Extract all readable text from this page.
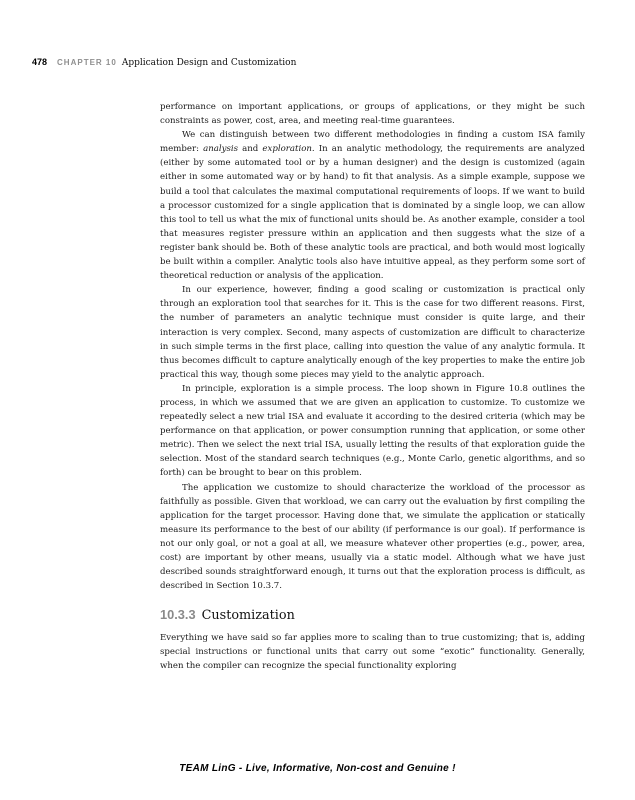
478 CHAPTER 10 Application Design and Customization

performance on important applications, or groups of applications, or they might be such constraints as power, cost, area, and meeting real-time guarantees.

We can distinguish between two different methodologies in finding a custom ISA family member: analysis and exploration. In an analytic methodology, the requirements are analyzed (either by some automated tool or by a human designer) and the design is customized (again either in some automated way or by hand) to fit that analysis. As a simple example, suppose we build a tool that calculates the maximal computational requirements of loops. If we want to build a processor customized for a single application that is dominated by a single loop, we can allow this tool to tell us what the mix of functional units should be. As another example, consider a tool that measures register pressure within an application and then suggests what the size of a register bank should be. Both of these analytic tools are practical, and both would most logically be built within a compiler. Analytic tools also have intuitive appeal, as they perform some sort of theoretical reduction or analysis of the application.

In our experience, however, finding a good scaling or customization is practical only through an exploration tool that searches for it. This is the case for two different reasons. First, the number of parameters an analytic technique must consider is quite large, and their interaction is very complex. Second, many aspects of customization are difficult to characterize in such simple terms in the first place, calling into question the value of any analytic formula. It thus becomes difficult to capture analytically enough of the key properties to make the entire job practical this way, though some pieces may yield to the analytic approach.

In principle, exploration is a simple process. The loop shown in Figure 10.8 outlines the process, in which we assumed that we are given an application to customize. To customize we repeatedly select a new trial ISA and evaluate it according to the desired criteria (which may be performance on that application, or power consumption running that application, or some other metric). Then we select the next trial ISA, usually letting the results of that exploration guide the selection. Most of the standard search techniques (e.g., Monte Carlo, genetic algorithms, and so forth) can be brought to bear on this problem.

The application we customize to should characterize the workload of the processor as faithfully as possible. Given that workload, we can carry out the evaluation by first compiling the application for the target processor. Having done that, we simulate the application or statically measure its performance to the best of our ability (if performance is our goal). If performance is not our only goal, or not a goal at all, we measure whatever other properties (e.g., power, area, cost) are important by other means, usually via a static model. Although what we have just described sounds straightforward enough, it turns out that the exploration process is difficult, as described in Section 10.3.7.

10.3.3 Customization

Everything we have said so far applies more to scaling than to true customizing; that is, adding special instructions or functional units that carry out some “exotic” functionality. Generally, when the compiler can recognize the special functionality exploring

TEAM LinG - Live, Informative, Non-cost and Genuine !
